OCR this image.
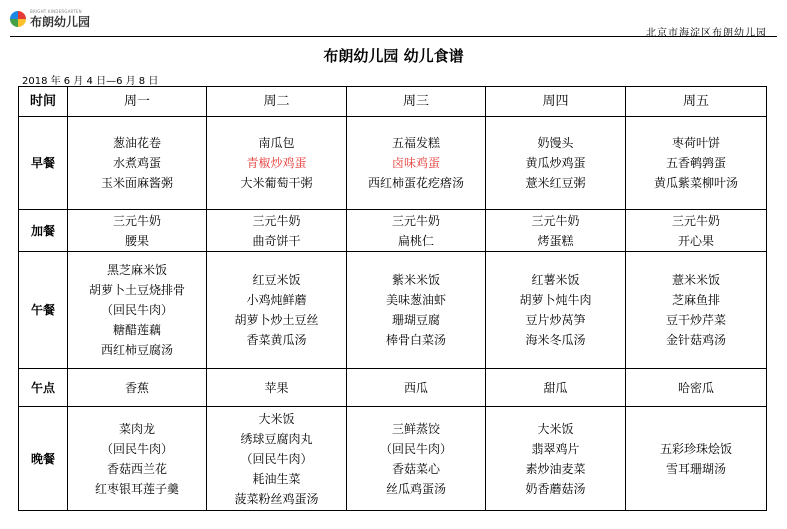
BRIGHT KINDERGARTEN
布朗幼儿园
北京市海淀区布朗幼儿园
布朗幼儿园 幼儿食谱
2018 年 6 月 4 日—6 月 8 日
时间	周一	周二	周三	周四	周五
早餐	葱油花卷
水煮鸡蛋
玉米面麻酱粥	南瓜包
青椒炒鸡蛋
大米葡萄干粥	五福发糕
卤味鸡蛋
西红柿蛋花疙瘩汤	奶馒头
黄瓜炒鸡蛋
薏米红豆粥	枣荷叶饼
五香鹌鹑蛋
黄瓜紫菜柳叶汤

加餐	三元牛奶
腰果	三元牛奶
曲奇饼干	三元牛奶
扁桃仁	三元牛奶
烤蛋糕	三元牛奶
开心果

午餐	黑芝麻米饭
胡萝卜土豆烧排骨
（回民牛肉）
糖醋莲藕
西红柿豆腐汤	红豆米饭
小鸡炖鲜蘑
胡萝卜炒土豆丝
香菜黄瓜汤	紫米米饭
美味葱油虾
珊瑚豆腐
棒骨白菜汤	红薯米饭
胡萝卜炖牛肉
豆片炒莴笋
海米冬瓜汤	薏米米饭
芝麻鱼排
豆干炒芹菜
金针菇鸡汤

午点	香蕉	苹果	西瓜	甜瓜	哈密瓜

晚餐	菜肉龙
（回民牛肉）
香菇西兰花
红枣银耳莲子羹	大米饭
绣球豆腐肉丸
（回民牛肉）
耗油生菜
菠菜粉丝鸡蛋汤	三鲜蒸饺
（回民牛肉）
香菇菜心
丝瓜鸡蛋汤	大米饭
翡翠鸡片
素炒油麦菜
奶香蘑菇汤	五彩珍珠烩饭
雪耳珊瑚汤
